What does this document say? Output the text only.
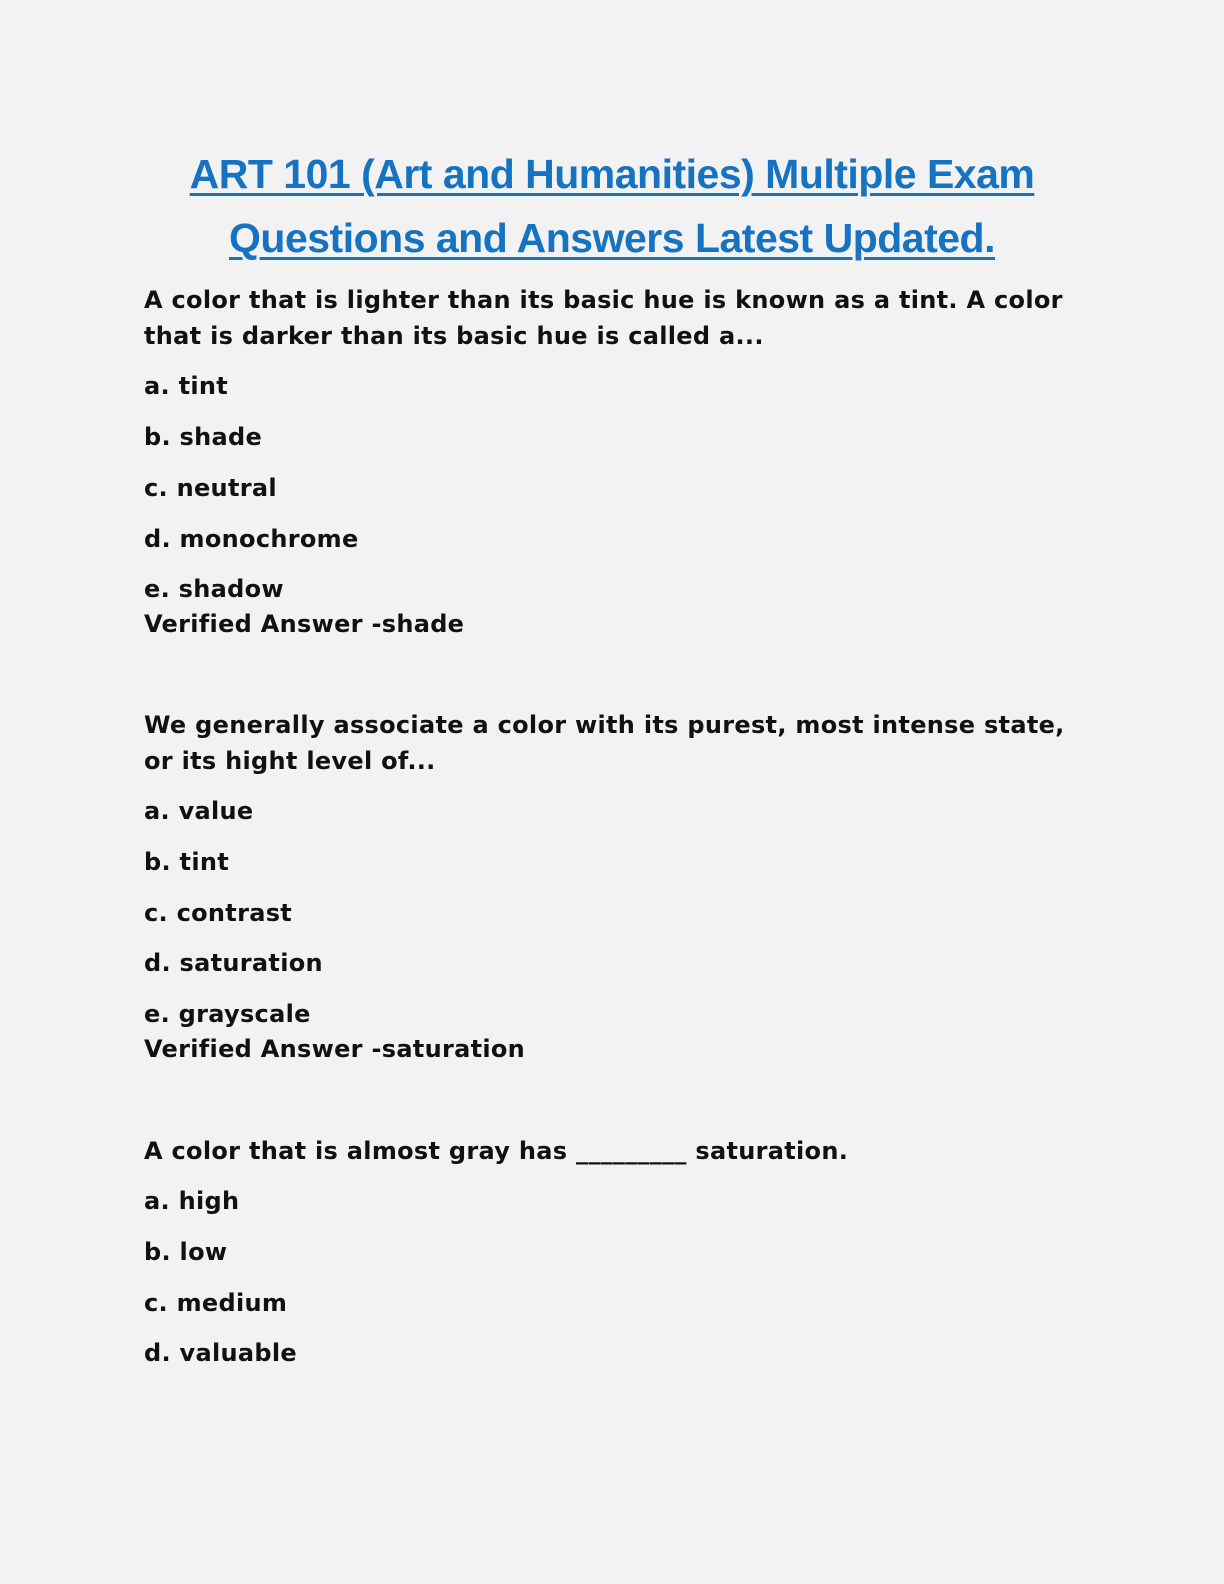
ART 101 (Art and Humanities) Multiple Exam
Questions and Answers Latest Updated.
A color that is lighter than its basic hue is known as a tint. A color that is darker than its basic hue is called a...
a. tint
b. shade
c. neutral
d. monochrome
e. shadow
Verified Answer -shade
We generally associate a color with its purest, most intense state, or its hight level of...
a. value
b. tint
c. contrast
d. saturation
e. grayscale
Verified Answer -saturation
A color that is almost gray has _________ saturation.
a. high
b. low
c. medium
d. valuable
